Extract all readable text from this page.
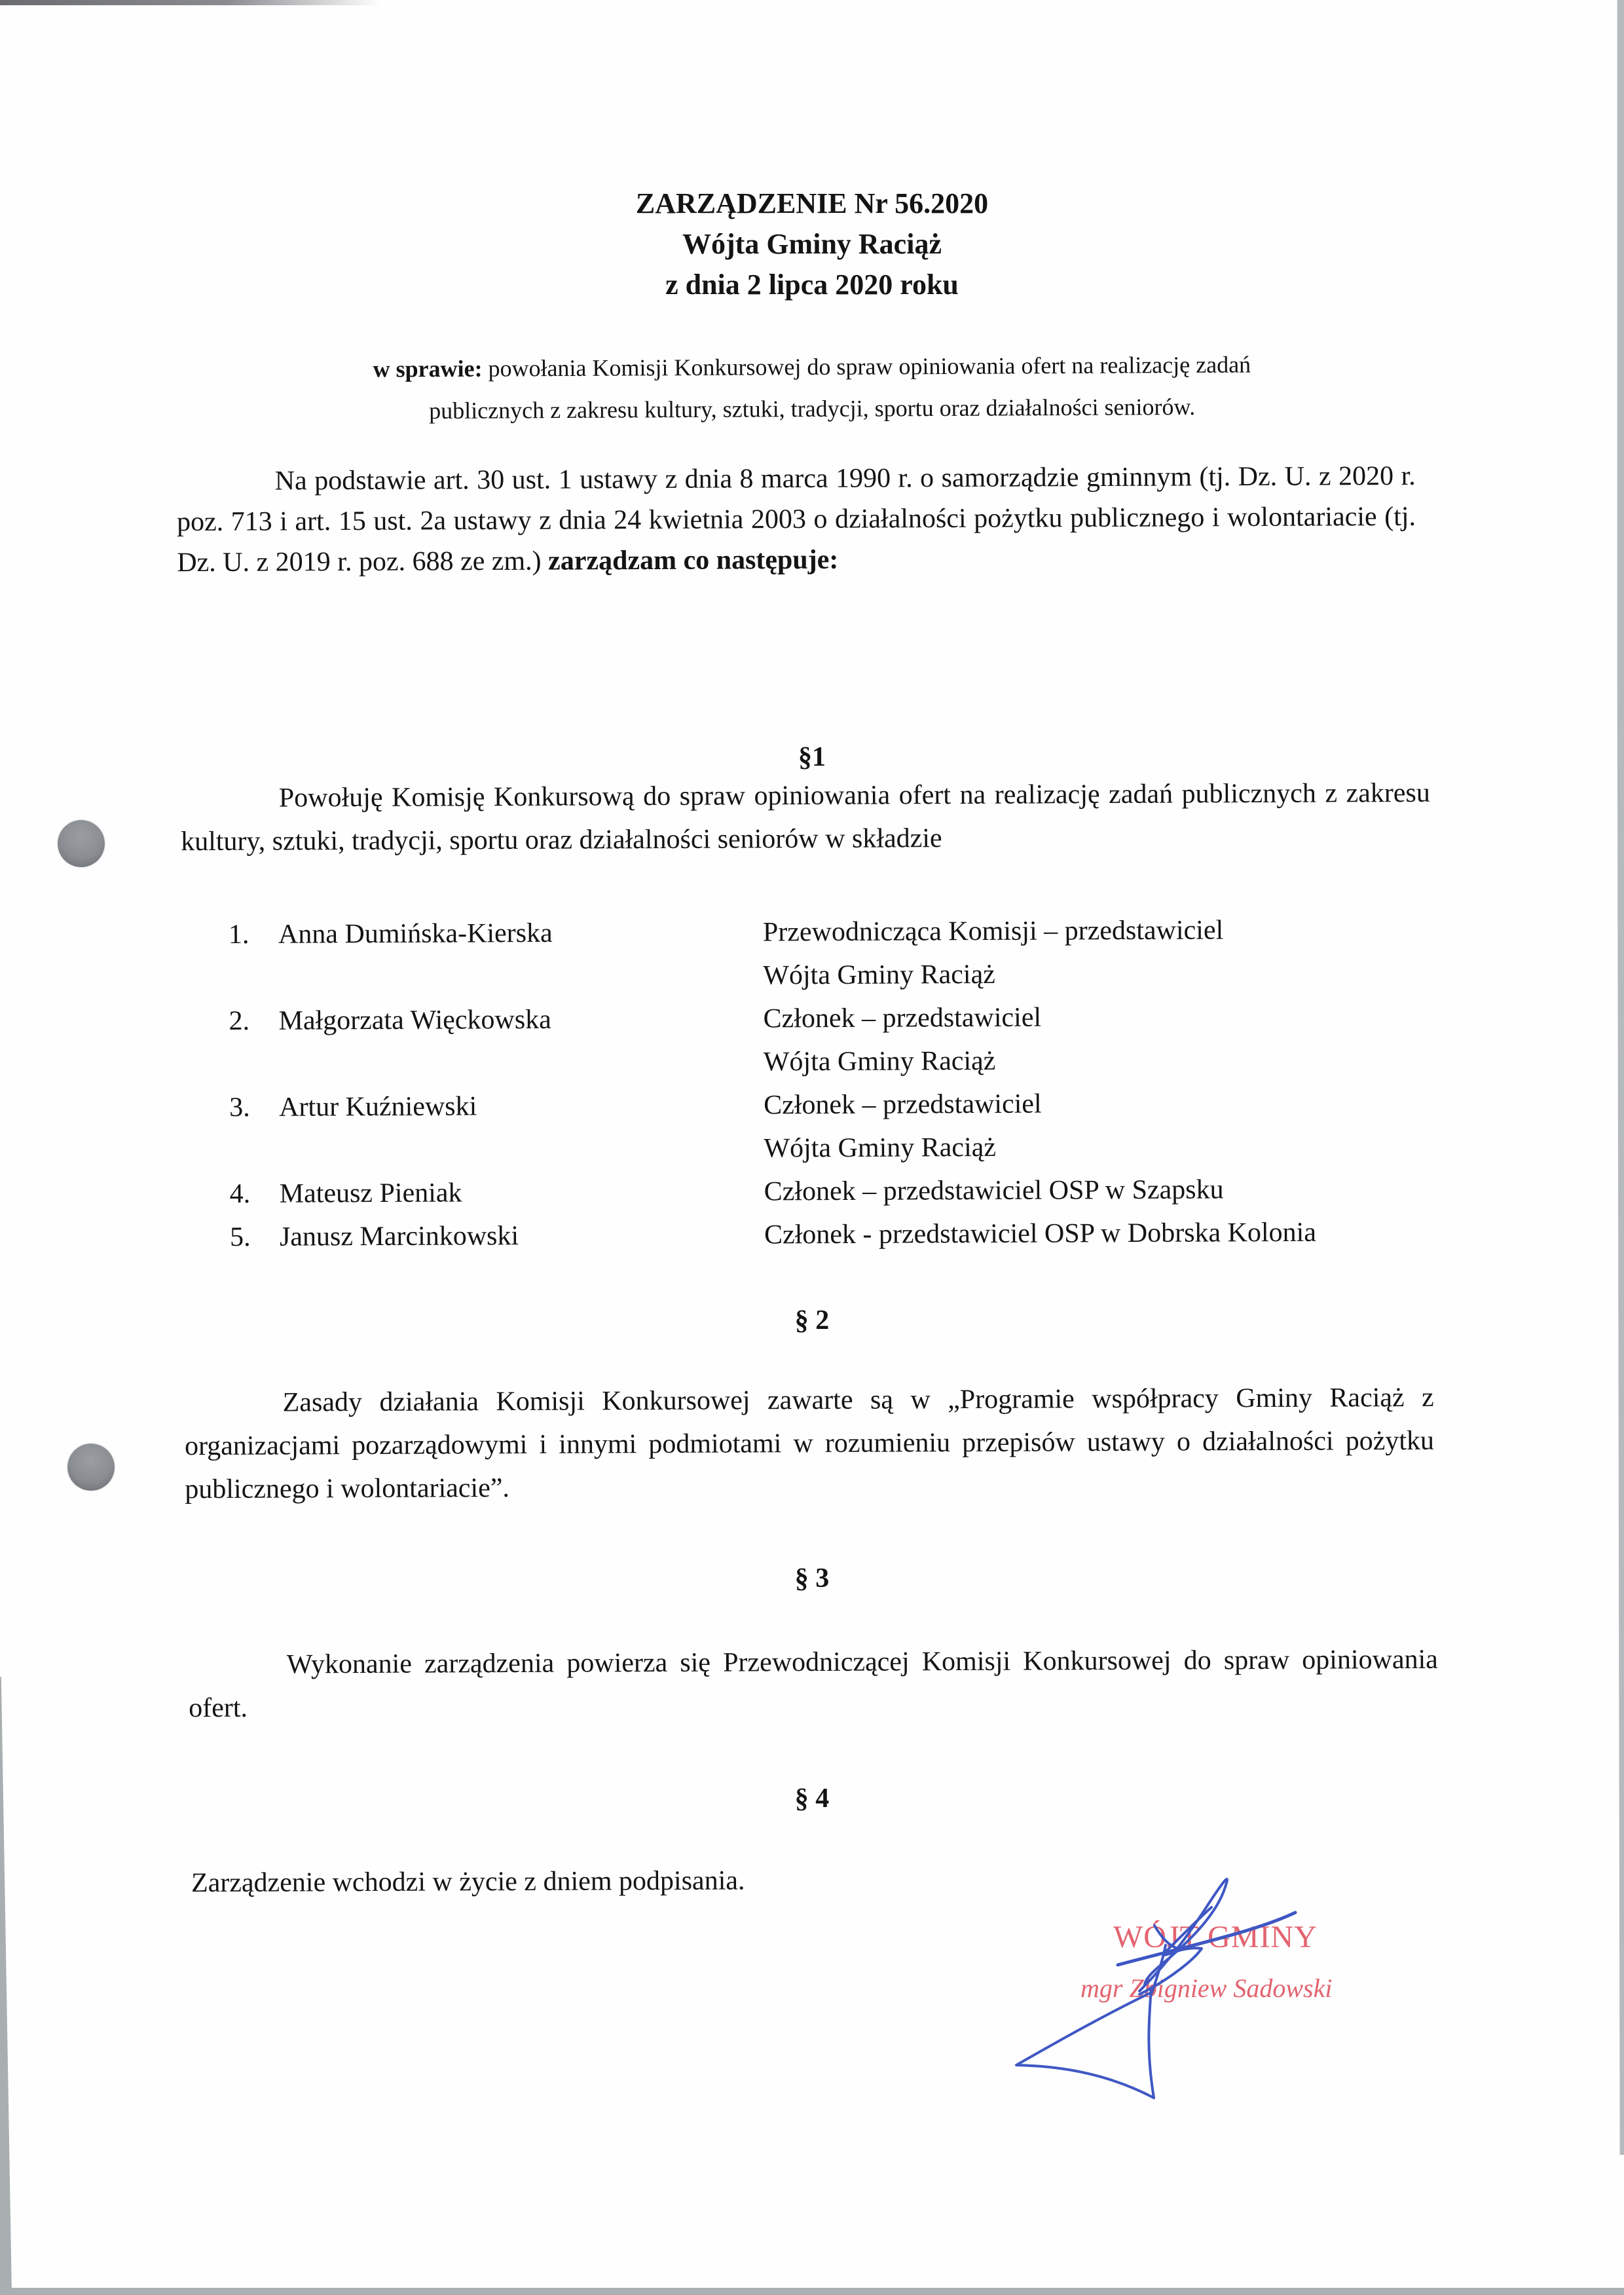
ZARZĄDZENIE Nr 56.2020
Wójta Gminy Raciąż
z dnia 2 lipca 2020 roku
w sprawie: powołania Komisji Konkursowej do spraw opiniowania ofert na realizację zadań
publicznych z zakresu kultury, sztuki, tradycji, sportu oraz działalności seniorów.
Na podstawie art. 30 ust. 1 ustawy z dnia 8 marca 1990 r. o samorządzie gminnym (tj. Dz. U. z 2020 r. poz. 713 i art. 15 ust. 2a ustawy z dnia 24 kwietnia 2003 o działalności pożytku publicznego i wolontariacie (tj. Dz. U. z 2019 r. poz. 688 ze zm.) zarządzam co następuje:
§1
Powołuję Komisję Konkursową do spraw opiniowania ofert na realizację zadań publicznych z zakresu kultury, sztuki, tradycji, sportu oraz działalności seniorów w składzie
1.	Anna Dumińska-Kierska	Przewodnicząca Komisji – przedstawiciel
Wójta Gminy Raciąż
2.	Małgorzata Więckowska	Członek – przedstawiciel
Wójta Gminy Raciąż
3.	Artur Kuźniewski	Członek – przedstawiciel
Wójta Gminy Raciąż
4.	Mateusz Pieniak	Członek – przedstawiciel OSP w Szapsku
5.	Janusz Marcinkowski	Członek - przedstawiciel OSP w Dobrska Kolonia
§ 2
Zasady działania Komisji Konkursowej zawarte są w „Programie współpracy Gminy Raciąż z organizacjami pozarządowymi i innymi podmiotami w rozumieniu przepisów ustawy o działalności pożytku publicznego i wolontariacie”.
§ 3
Wykonanie zarządzenia powierza się Przewodniczącej Komisji Konkursowej do spraw opiniowania ofert.
§ 4
Zarządzenie wchodzi w życie z dniem podpisania.
WÓJT GMINY
mgr Zbigniew Sadowski
